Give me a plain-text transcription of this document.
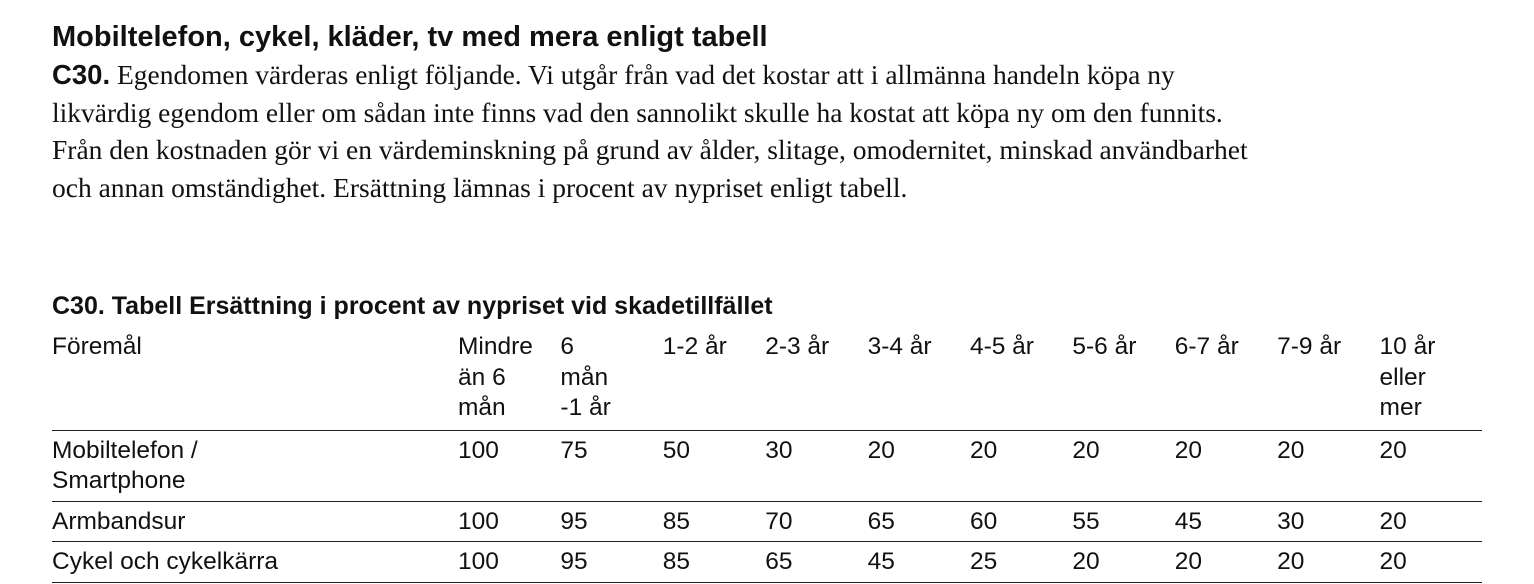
Mobiltelefon, cykel, kläder, tv med mera enligt tabell

C30. Egendomen värderas enligt följande. Vi utgår från vad det kostar att i allmänna handeln köpa ny likvärdig egendom eller om sådan inte finns vad den sannolikt skulle ha kostat att köpa ny om den funnits. Från den kostnaden gör vi en värdeminskning på grund av ålder, slitage, omodernitet, minskad användbarhet och annan omständighet. Ersättning lämnas i procent av nypriset enligt tabell.

C30. Tabell Ersättning i procent av nypriset vid skadetillfället
Föremål	Mindre än 6 mån	6 mån -1 år	1-2 år	2-3 år	3-4 år	4-5 år	5-6 år	6-7 år	7-9 år	10 år eller mer
Mobiltelefon / Smartphone	100	75	50	30	20	20	20	20	20	20
Armbandsur	100	95	85	70	65	60	55	45	30	20
Cykel och cykelkärra	100	95	85	65	45	25	20	20	20	20
